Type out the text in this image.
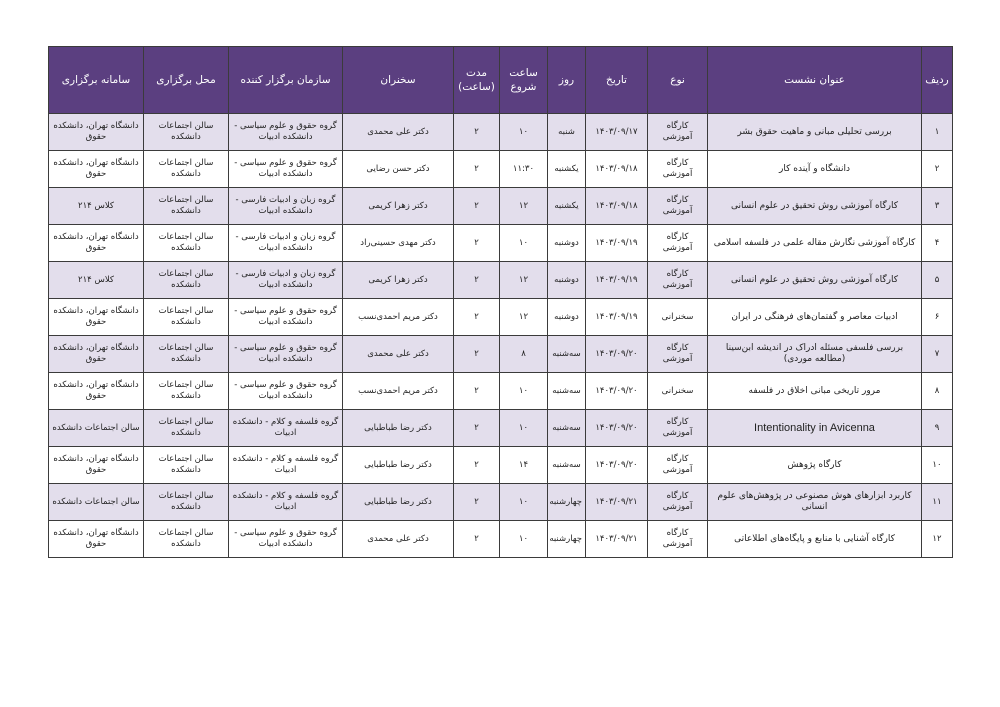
ردیف	عنوان نشست	نوع	تاریخ	روز	ساعت شروع	مدت (ساعت)	سخنران	سازمان برگزار کننده	محل برگزاری	سامانه برگزاری
۱	بررسی تحلیلی مبانی و ماهیت حقوق بشر	کارگاه آموزشی	۱۴۰۳/۰۹/۱۷	شنبه	۱۰	۲	دکتر علی محمدی	گروه حقوق و علوم سیاسی - دانشکده ادبیات	سالن اجتماعات دانشکده	دانشگاه تهران، دانشکده حقوق
۲	دانشگاه و آینده کار	کارگاه آموزشی	۱۴۰۳/۰۹/۱۸	یکشنبه	۱۱:۳۰	۲	دکتر حسن رضایی	گروه حقوق و علوم سیاسی - دانشکده ادبیات	سالن اجتماعات دانشکده	دانشگاه تهران، دانشکده حقوق
۳	کارگاه آموزشی روش تحقیق در علوم انسانی	کارگاه آموزشی	۱۴۰۳/۰۹/۱۸	یکشنبه	۱۲	۲	دکتر زهرا کریمی	گروه زبان و ادبیات فارسی - دانشکده ادبیات	سالن اجتماعات دانشکده	کلاس ۲۱۴
۴	کارگاه آموزشی نگارش مقاله علمی در فلسفه اسلامی	کارگاه آموزشی	۱۴۰۳/۰۹/۱۹	دوشنبه	۱۰	۲	دکتر مهدی حسینی‌راد	گروه زبان و ادبیات فارسی - دانشکده ادبیات	سالن اجتماعات دانشکده	دانشگاه تهران، دانشکده حقوق
۵	کارگاه آموزشی روش تحقیق در علوم انسانی	کارگاه آموزشی	۱۴۰۳/۰۹/۱۹	دوشنبه	۱۲	۲	دکتر زهرا کریمی	گروه زبان و ادبیات فارسی - دانشکده ادبیات	سالن اجتماعات دانشکده	کلاس ۲۱۴
۶	ادبیات معاصر و گفتمان‌های فرهنگی در ایران	سخنرانی	۱۴۰۳/۰۹/۱۹	دوشنبه	۱۲	۲	دکتر مریم احمدی‌نسب	گروه حقوق و علوم سیاسی - دانشکده ادبیات	سالن اجتماعات دانشکده	دانشگاه تهران، دانشکده حقوق
۷	بررسی فلسفی مسئله ادراک در اندیشه ابن‌سینا (مطالعه موردی)	کارگاه آموزشی	۱۴۰۳/۰۹/۲۰	سه‌شنبه	۸	۲	دکتر علی محمدی	گروه حقوق و علوم سیاسی - دانشکده ادبیات	سالن اجتماعات دانشکده	دانشگاه تهران، دانشکده حقوق
۸	مرور تاریخی مبانی اخلاق در فلسفه	سخنرانی	۱۴۰۳/۰۹/۲۰	سه‌شنبه	۱۰	۲	دکتر مریم احمدی‌نسب	گروه حقوق و علوم سیاسی - دانشکده ادبیات	سالن اجتماعات دانشکده	دانشگاه تهران، دانشکده حقوق
۹	Intentionality in Avicenna	کارگاه آموزشی	۱۴۰۳/۰۹/۲۰	سه‌شنبه	۱۰	۲	دکتر رضا طباطبایی	گروه فلسفه و کلام - دانشکده ادبیات	سالن اجتماعات دانشکده	سالن اجتماعات دانشکده
۱۰	کارگاه پژوهش	کارگاه آموزشی	۱۴۰۳/۰۹/۲۰	سه‌شنبه	۱۴	۲	دکتر رضا طباطبایی	گروه فلسفه و کلام - دانشکده ادبیات	سالن اجتماعات دانشکده	دانشگاه تهران، دانشکده حقوق
۱۱	کاربرد ابزارهای هوش مصنوعی در پژوهش‌های علوم انسانی	کارگاه آموزشی	۱۴۰۳/۰۹/۲۱	چهارشنبه	۱۰	۲	دکتر رضا طباطبایی	گروه فلسفه و کلام - دانشکده ادبیات	سالن اجتماعات دانشکده	سالن اجتماعات دانشکده
۱۲	کارگاه آشنایی با منابع و پایگاه‌های اطلاعاتی	کارگاه آموزشی	۱۴۰۳/۰۹/۲۱	چهارشنبه	۱۰	۲	دکتر علی محمدی	گروه حقوق و علوم سیاسی - دانشکده ادبیات	سالن اجتماعات دانشکده	دانشگاه تهران، دانشکده حقوق
